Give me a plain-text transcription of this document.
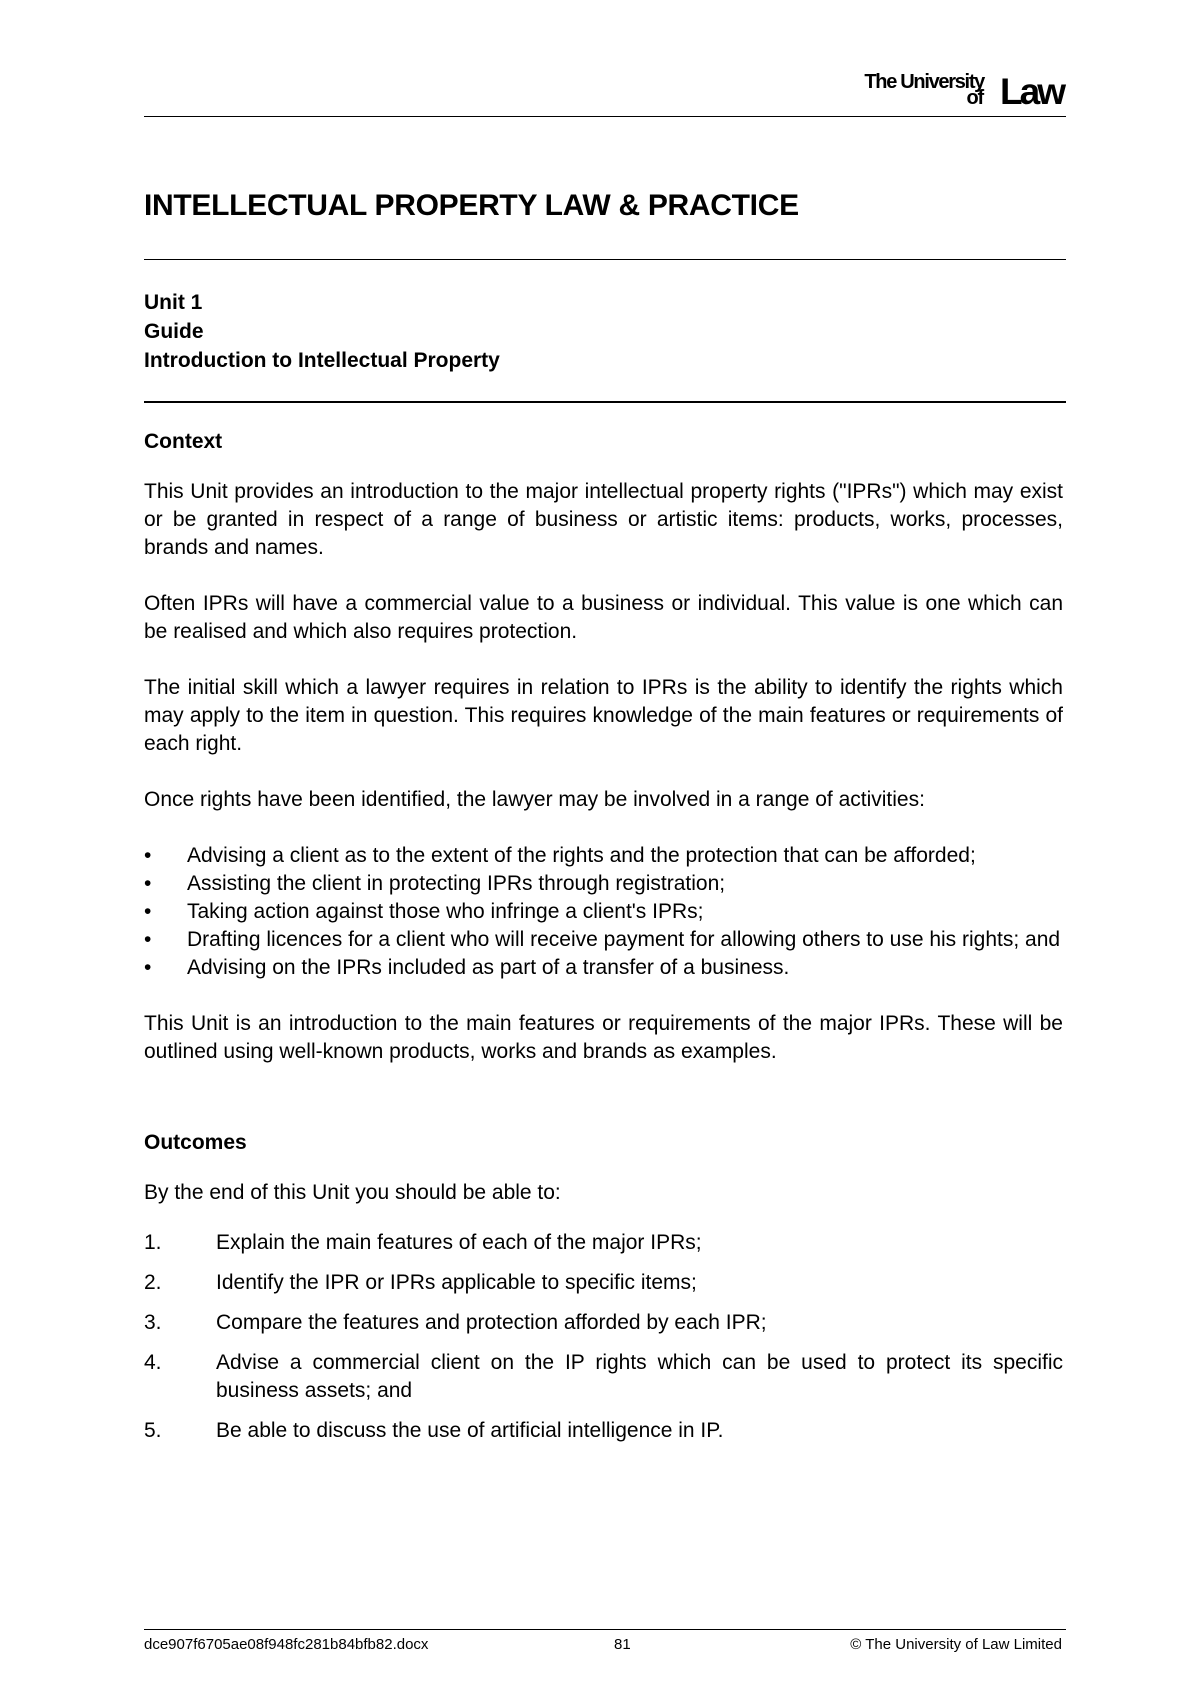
The University
of Law
INTELLECTUAL PROPERTY LAW & PRACTICE
Unit 1
Guide
Introduction to Intellectual Property
Context

This Unit provides an introduction to the major intellectual property rights ("IPRs") which may exist or be granted in respect of a range of business or artistic items: products, works, processes, brands and names.

Often IPRs will have a commercial value to a business or individual. This value is one which can be realised and which also requires protection.

The initial skill which a lawyer requires in relation to IPRs is the ability to identify the rights which may apply to the item in question. This requires knowledge of the main features or requirements of each right.

Once rights have been identified, the lawyer may be involved in a range of activities:

• Advising a client as to the extent of the rights and the protection that can be afforded;
• Assisting the client in protecting IPRs through registration;
• Taking action against those who infringe a client's IPRs;
• Drafting licences for a client who will receive payment for allowing others to use his rights; and
• Advising on the IPRs included as part of a transfer of a business.

This Unit is an introduction to the main features or requirements of the major IPRs. These will be outlined using well-known products, works and brands as examples.

Outcomes

By the end of this Unit you should be able to:

1.	Explain the main features of each of the major IPRs;
2.	Identify the IPR or IPRs applicable to specific items;
3.	Compare the features and protection afforded by each IPR;
4.	Advise a commercial client on the IP rights which can be used to protect its specific business assets; and
5.	Be able to discuss the use of artificial intelligence in IP.
dce907f6705ae08f948fc281b84bfb82.docx	81	© The University of Law Limited
